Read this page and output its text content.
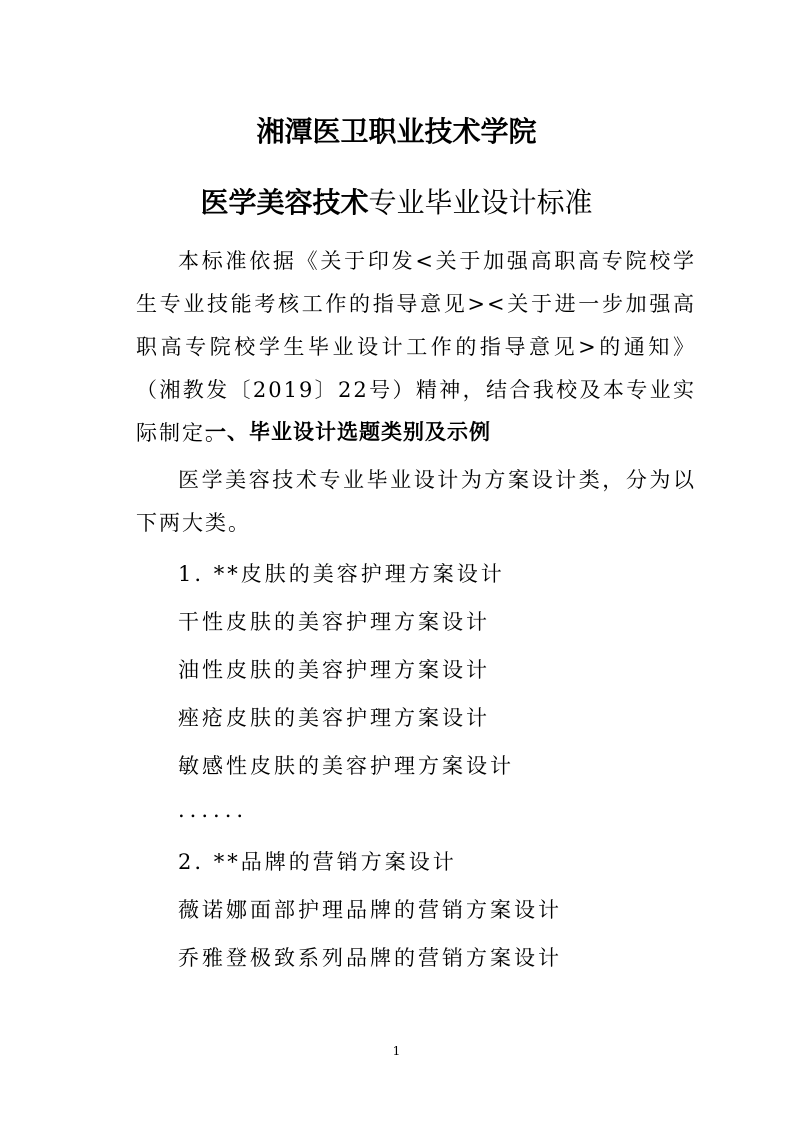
湘潭医卫职业技术学院
医学美容技术专业毕业设计标准
本标准依据《关于印发<关于加强高职高专院校学生专业技能考核工作的指导意见><关于进一步加强高职高专院校学生毕业设计工作的指导意见>的通知》（湘教发〔2019〕22号）精神，结合我校及本专业实际制定。
一、毕业设计选题类别及示例
医学美容技术专业毕业设计为方案设计类，分为以下两大类。
1. **皮肤的美容护理方案设计
干性皮肤的美容护理方案设计
油性皮肤的美容护理方案设计
痤疮皮肤的美容护理方案设计
敏感性皮肤的美容护理方案设计
......
2. **品牌的营销方案设计
薇诺娜面部护理品牌的营销方案设计
乔雅登极致系列品牌的营销方案设计
1
